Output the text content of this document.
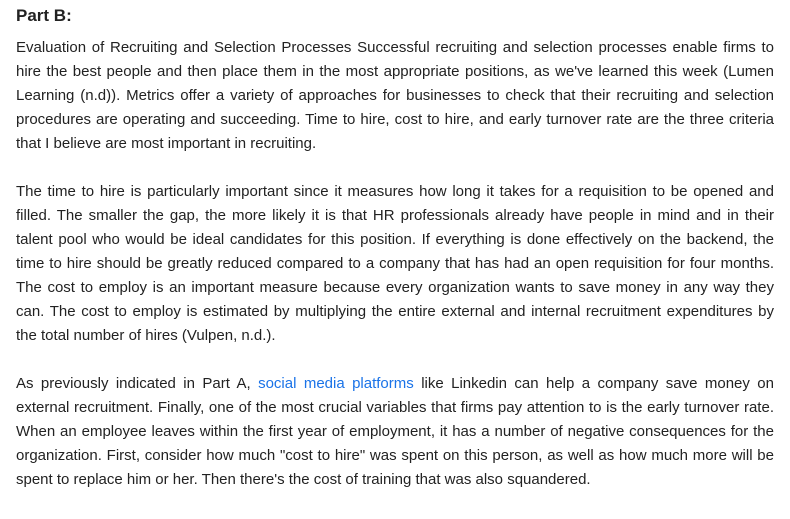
Part B:

Evaluation of Recruiting and Selection Processes Successful recruiting and selection processes enable firms to hire the best people and then place them in the most appropriate positions, as we've learned this week (Lumen Learning (n.d)). Metrics offer a variety of approaches for businesses to check that their recruiting and selection procedures are operating and succeeding. Time to hire, cost to hire, and early turnover rate are the three criteria that I believe are most important in recruiting.

The time to hire is particularly important since it measures how long it takes for a requisition to be opened and filled. The smaller the gap, the more likely it is that HR professionals already have people in mind and in their talent pool who would be ideal candidates for this position. If everything is done effectively on the backend, the time to hire should be greatly reduced compared to a company that has had an open requisition for four months. The cost to employ is an important measure because every organization wants to save money in any way they can. The cost to employ is estimated by multiplying the entire external and internal recruitment expenditures by the total number of hires (Vulpen, n.d.).

As previously indicated in Part A, social media platforms like Linkedin can help a company save money on external recruitment. Finally, one of the most crucial variables that firms pay attention to is the early turnover rate. When an employee leaves within the first year of employment, it has a number of negative consequences for the organization. First, consider how much "cost to hire" was spent on this person, as well as how much more will be spent to replace him or her. Then there's the cost of training that was also squandered.
